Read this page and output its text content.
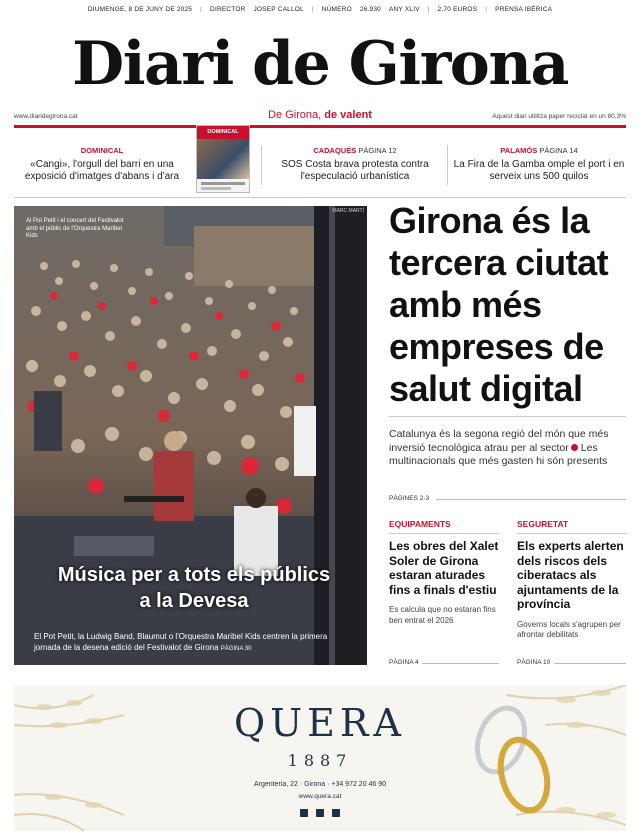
DIUMENGE, 8 DE JUNY DE 2025 | DIRECTOR JOSEP CALLOL | NÚMERO 26.930 ANY XLIV | 2,70 EUROS | PRENSA IBÉRICA
Diari de Girona
www.diaridegirona.cat	De Girona, de valent	Aquest diari utilitza paper reciclat en un 80,3%
DOMINICAL
«Cangi», l'orgull del barri en una exposició d'imatges d'abans i d'ara
DOMINICAL
CADAQUÉS PÀGINA 12
SOS Costa brava protesta contra l'especulació urbanística
PALAMÓS PÀGINA 14
La Fira de la Gamba omple el port i en serveix uns 500 quilos
MARC MARTÍ
Al Pot Petit i el concert del Festivalot amb el públic de l'Orquestra Maribel Kids
Música per a tots els públics a la Devesa
El Pot Petit, la Ludwig Band, Blaumut o l'Orquestra Maribel Kids centren la primera jornada de la desena edició del Festivalot de Girona PÀGINA 30
Girona és la tercera ciutat amb més empreses de salut digital
Catalunya és la segona regió del món que més inversió tecnològica atrau per al sector Les multinacionals que més gasten hi són presents
PÀGINES 2-3
EQUIPAMENTS
Les obres del Xalet Soler de Girona estaran aturades fins a finals d'estiu
Es calcula que no estaran fins ben entrat el 2026
PÀGINA 4
SEGURETAT
Els experts alerten dels riscos dels ciberatacs als ajuntaments de la província
Governs locals s'agrupen per afrontar debilitats
PÀGINA 10
QUERA
1887
Argenteria, 22 · Girona · +34 972 20 46 90
www.quera.cat
